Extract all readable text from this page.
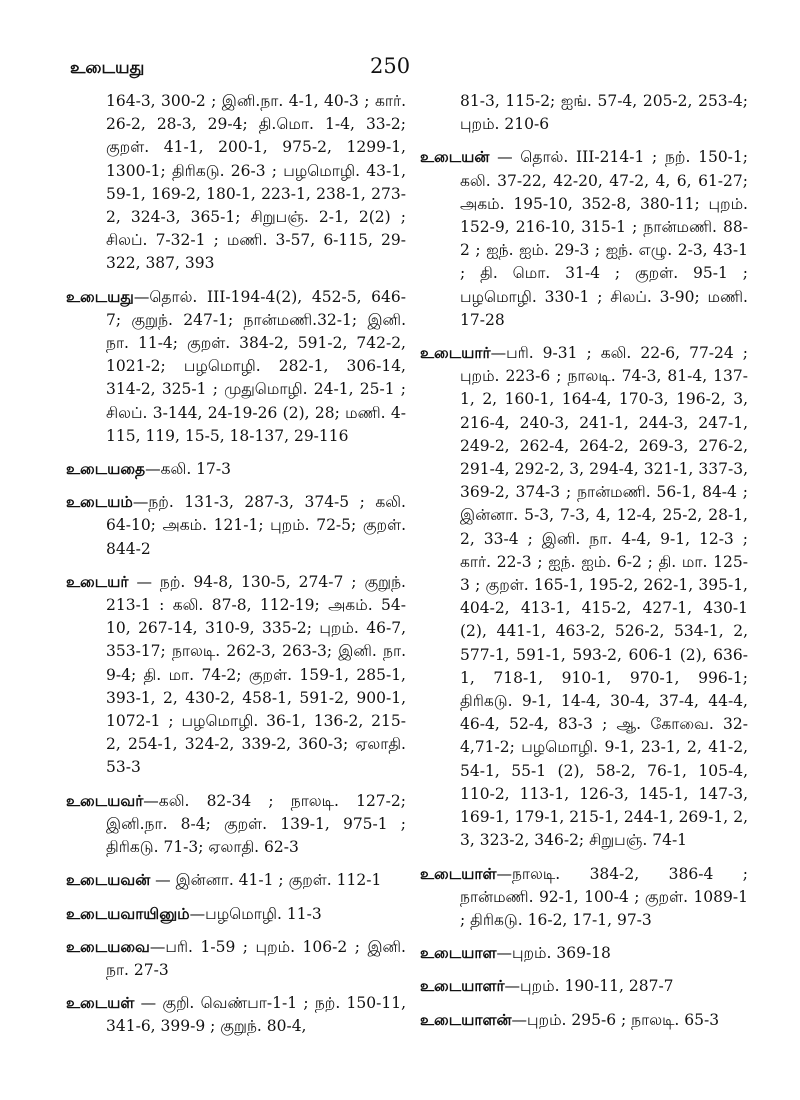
உடையது	250
164-3, 300-2 ; இனி.நா. 4-1, 40-3 ; கார். 26-2, 28-3, 29-4; தி.மொ. 1-4, 33-2; குறள். 41-1, 200-1, 975-2, 1299-1, 1300-1; திரிகடு. 26-3 ; பழமொழி. 43-1, 59-1, 169-2, 180-1, 223-1, 238-1, 273-2, 324-3, 365-1; சிறுபஞ். 2-1, 2(2) ; சிலப். 7-32-1 ; மணி. 3-57, 6-115, 29-322, 387, 393
உடையது—தொல். III-194-4(2), 452-5, 646-7; குறுந். 247-1; நான்மணி.32-1; இனி. நா. 11-4; குறள். 384-2, 591-2, 742-2, 1021-2; பழமொழி. 282-1, 306-14, 314-2, 325-1 ; முதுமொழி. 24-1, 25-1 ; சிலப். 3-144, 24-19-26 (2), 28; மணி. 4-115, 119, 15-5, 18-137, 29-116
உடையதை—கலி. 17-3
உடையம்—நற். 131-3, 287-3, 374-5 ; கலி. 64-10; அகம். 121-1; புறம். 72-5; குறள். 844-2
உடையர் — நற். 94-8, 130-5, 274-7 ; குறுந். 213-1 : கலி. 87-8, 112-19; அகம். 54-10, 267-14, 310-9, 335-2; புறம். 46-7, 353-17; நாலடி. 262-3, 263-3; இனி. நா. 9-4; தி. மா. 74-2; குறள். 159-1, 285-1, 393-1, 2, 430-2, 458-1, 591-2, 900-1, 1072-1 ; பழமொழி. 36-1, 136-2, 215-2, 254-1, 324-2, 339-2, 360-3; ஏலாதி. 53-3
உடையவர்—கலி. 82-34 ; நாலடி. 127-2; இனி.நா. 8-4; குறள். 139-1, 975-1 ; திரிகடு. 71-3; ஏலாதி. 62-3
உடையவன் — இன்னா. 41-1 ; குறள். 112-1
உடையவாயினும்—பழமொழி. 11-3
உடையவை—பரி. 1-59 ; புறம். 106-2 ; இனி. நா. 27-3
உடையள் — குறி. வெண்பா-1-1 ; நற். 150-11, 341-6, 399-9 ; குறுந். 80-4,
81-3, 115-2; ஐங். 57-4, 205-2, 253-4; புறம். 210-6
உடையன் — தொல். III-214-1 ; நற். 150-1; கலி. 37-22, 42-20, 47-2, 4, 6, 61-27; அகம். 195-10, 352-8, 380-11; புறம். 152-9, 216-10, 315-1 ; நான்மணி. 88-2 ; ஐந். ஐம். 29-3 ; ஐந். எழு. 2-3, 43-1 ; தி. மொ. 31-4 ; குறள். 95-1 ; பழமொழி. 330-1 ; சிலப். 3-90; மணி. 17-28
உடையார்—பரி. 9-31 ; கலி. 22-6, 77-24 ; புறம். 223-6 ; நாலடி. 74-3, 81-4, 137-1, 2, 160-1, 164-4, 170-3, 196-2, 3, 216-4, 240-3, 241-1, 244-3, 247-1, 249-2, 262-4, 264-2, 269-3, 276-2, 291-4, 292-2, 3, 294-4, 321-1, 337-3, 369-2, 374-3 ; நான்மணி. 56-1, 84-4 ; இன்னா. 5-3, 7-3, 4, 12-4, 25-2, 28-1, 2, 33-4 ; இனி. நா. 4-4, 9-1, 12-3 ; கார். 22-3 ; ஐந். ஐம். 6-2 ; தி. மா. 125-3 ; குறள். 165-1, 195-2, 262-1, 395-1, 404-2, 413-1, 415-2, 427-1, 430-1 (2), 441-1, 463-2, 526-2, 534-1, 2, 577-1, 591-1, 593-2, 606-1 (2), 636-1, 718-1, 910-1, 970-1, 996-1; திரிகடு. 9-1, 14-4, 30-4, 37-4, 44-4, 46-4, 52-4, 83-3 ; ஆ. கோவை. 32-4,71-2; பழமொழி. 9-1, 23-1, 2, 41-2, 54-1, 55-1 (2), 58-2, 76-1, 105-4, 110-2, 113-1, 126-3, 145-1, 147-3, 169-1, 179-1, 215-1, 244-1, 269-1, 2, 3, 323-2, 346-2; சிறுபஞ். 74-1
உடையாள்—நாலடி. 384-2, 386-4 ; நான்மணி. 92-1, 100-4 ; குறள். 1089-1 ; திரிகடு. 16-2, 17-1, 97-3
உடையாள—புறம். 369-18
உடையாளர்—புறம். 190-11, 287-7
உடையாளன்—புறம். 295-6 ; நாலடி. 65-3
